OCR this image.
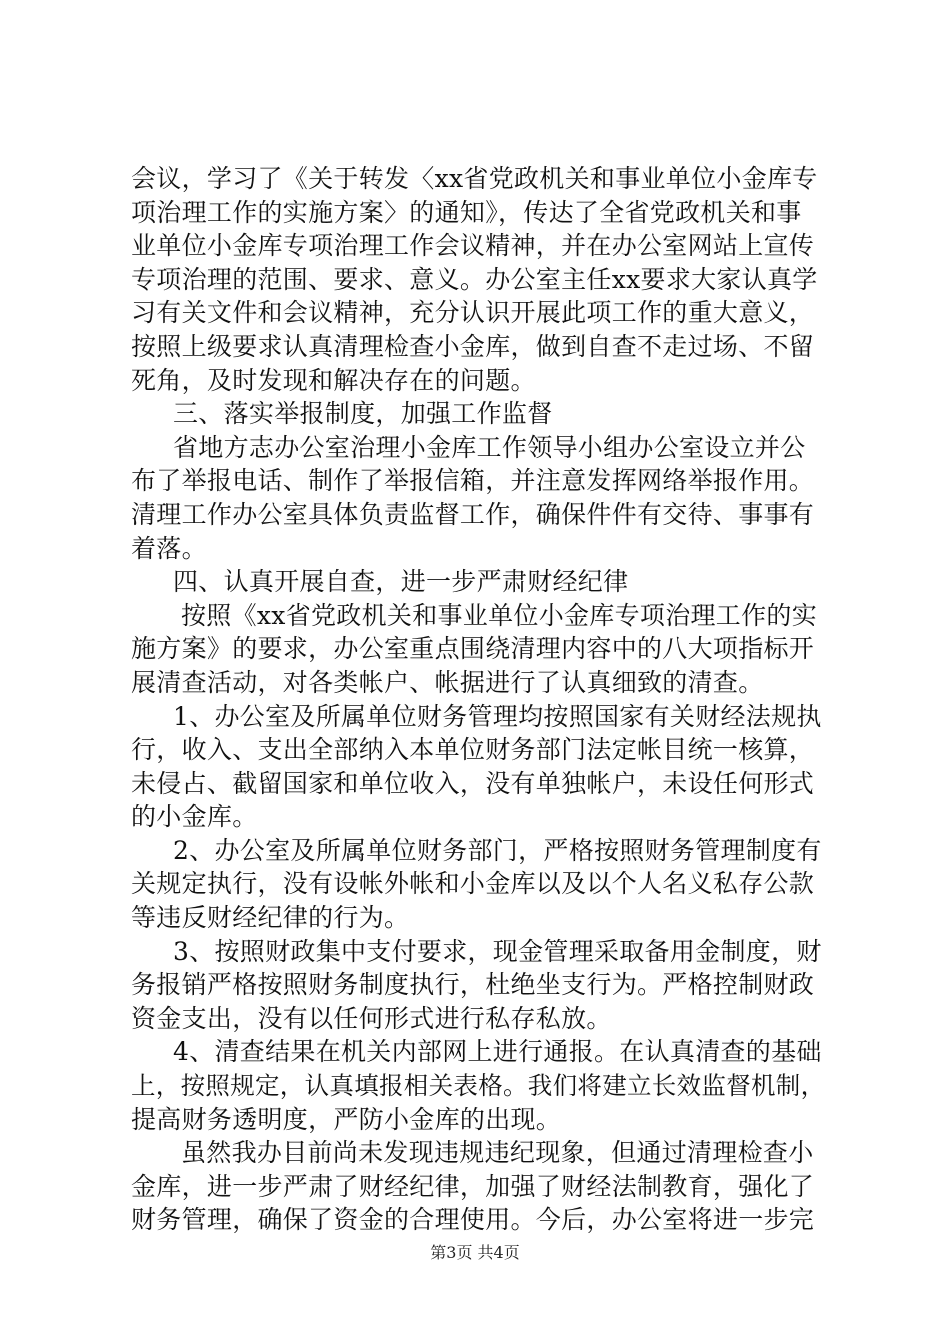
会议，学习了《关于转发〈xx省党政机关和事业单位小金库专
项治理工作的实施方案〉的通知》，传达了全省党政机关和事
业单位小金库专项治理工作会议精神，并在办公室网站上宣传
专项治理的范围、要求、意义。办公室主任xx要求大家认真学
习有关文件和会议精神，充分认识开展此项工作的重大意义，
按照上级要求认真清理检查小金库，做到自查不走过场、不留
死角，及时发现和解决存在的问题。
三、落实举报制度，加强工作监督
省地方志办公室治理小金库工作领导小组办公室设立并公
布了举报电话、制作了举报信箱，并注意发挥网络举报作用。
清理工作办公室具体负责监督工作，确保件件有交待、事事有
着落。
四、认真开展自查，进一步严肃财经纪律
按照《xx省党政机关和事业单位小金库专项治理工作的实
施方案》的要求，办公室重点围绕清理内容中的八大项指标开
展清查活动，对各类帐户、帐据进行了认真细致的清查。
1、办公室及所属单位财务管理均按照国家有关财经法规执
行，收入、支出全部纳入本单位财务部门法定帐目统一核算，
未侵占、截留国家和单位收入，没有单独帐户，未设任何形式
的小金库。
2、办公室及所属单位财务部门，严格按照财务管理制度有
关规定执行，没有设帐外帐和小金库以及以个人名义私存公款
等违反财经纪律的行为。
3、按照财政集中支付要求，现金管理采取备用金制度，财
务报销严格按照财务制度执行，杜绝坐支行为。严格控制财政
资金支出，没有以任何形式进行私存私放。
4、清查结果在机关内部网上进行通报。在认真清查的基础
上，按照规定，认真填报相关表格。我们将建立长效监督机制，
提高财务透明度，严防小金库的出现。
虽然我办目前尚未发现违规违纪现象，但通过清理检查小
金库，进一步严肃了财经纪律，加强了财经法制教育，强化了
财务管理，确保了资金的合理使用。今后，办公室将进一步完
第3页 共4页
